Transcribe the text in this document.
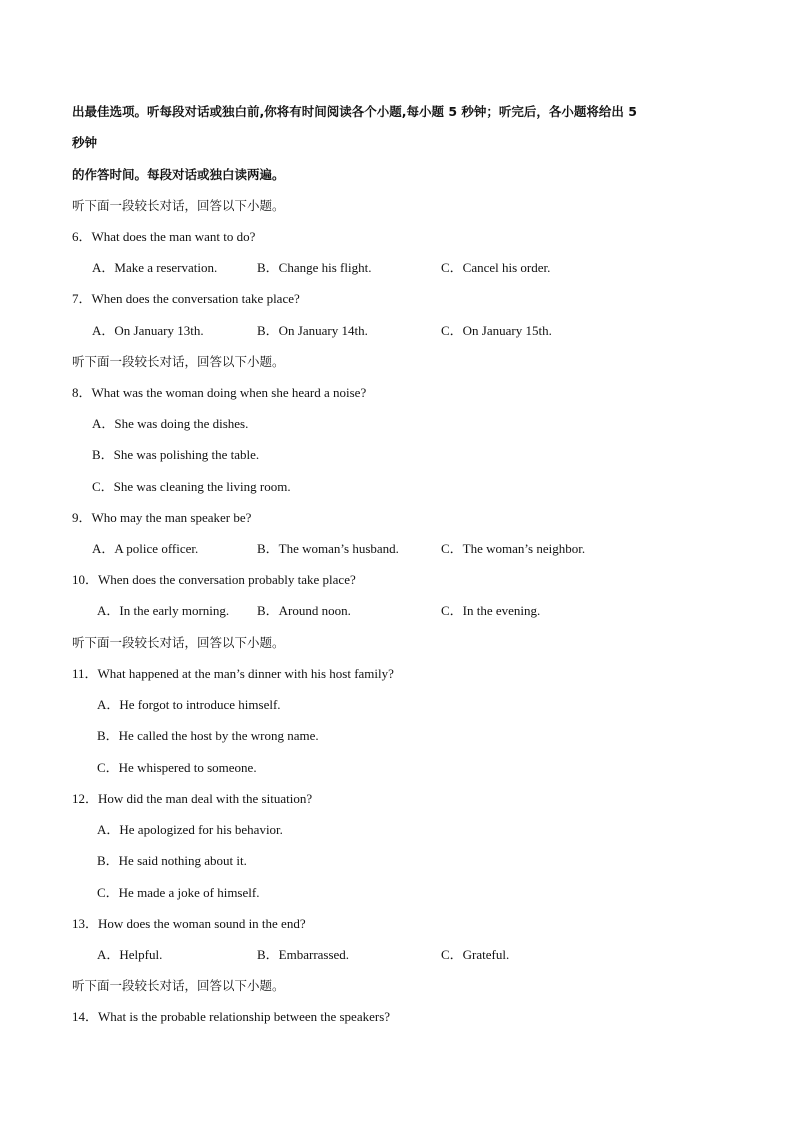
出最佳选项。听每段对话或独白前,你将有时间阅读各个小题,每小题 5 秒钟；听完后，各小题将给出 5
秒钟
的作答时间。每段对话或独白读两遍。
听下面一段较长对话，回答以下小题。
6．What does the man want to do?
A．Make a reservation.	B．Change his flight.	C．Cancel his order.
7．When does the conversation take place?
A．On January 13th.	B．On January 14th.	C．On January 15th.
听下面一段较长对话，回答以下小题。
8．What was the woman doing when she heard a noise?
A．She was doing the dishes.
B．She was polishing the table.
C．She was cleaning the living room.
9．Who may the man speaker be?
A．A police officer.	B．The woman’s husband.	C．The woman’s neighbor.
10．When does the conversation probably take place?
A．In the early morning. B．Around noon.	C．In the evening.
听下面一段较长对话，回答以下小题。
11．What happened at the man’s dinner with his host family?
A．He forgot to introduce himself.
B．He called the host by the wrong name.
C．He whispered to someone.
12．How did the man deal with the situation?
A．He apologized for his behavior.
B．He said nothing about it.
C．He made a joke of himself.
13．How does the woman sound in the end?
A．Helpful.	B．Embarrassed.	C．Grateful.
听下面一段较长对话，回答以下小题。
14．What is the probable relationship between the speakers?
